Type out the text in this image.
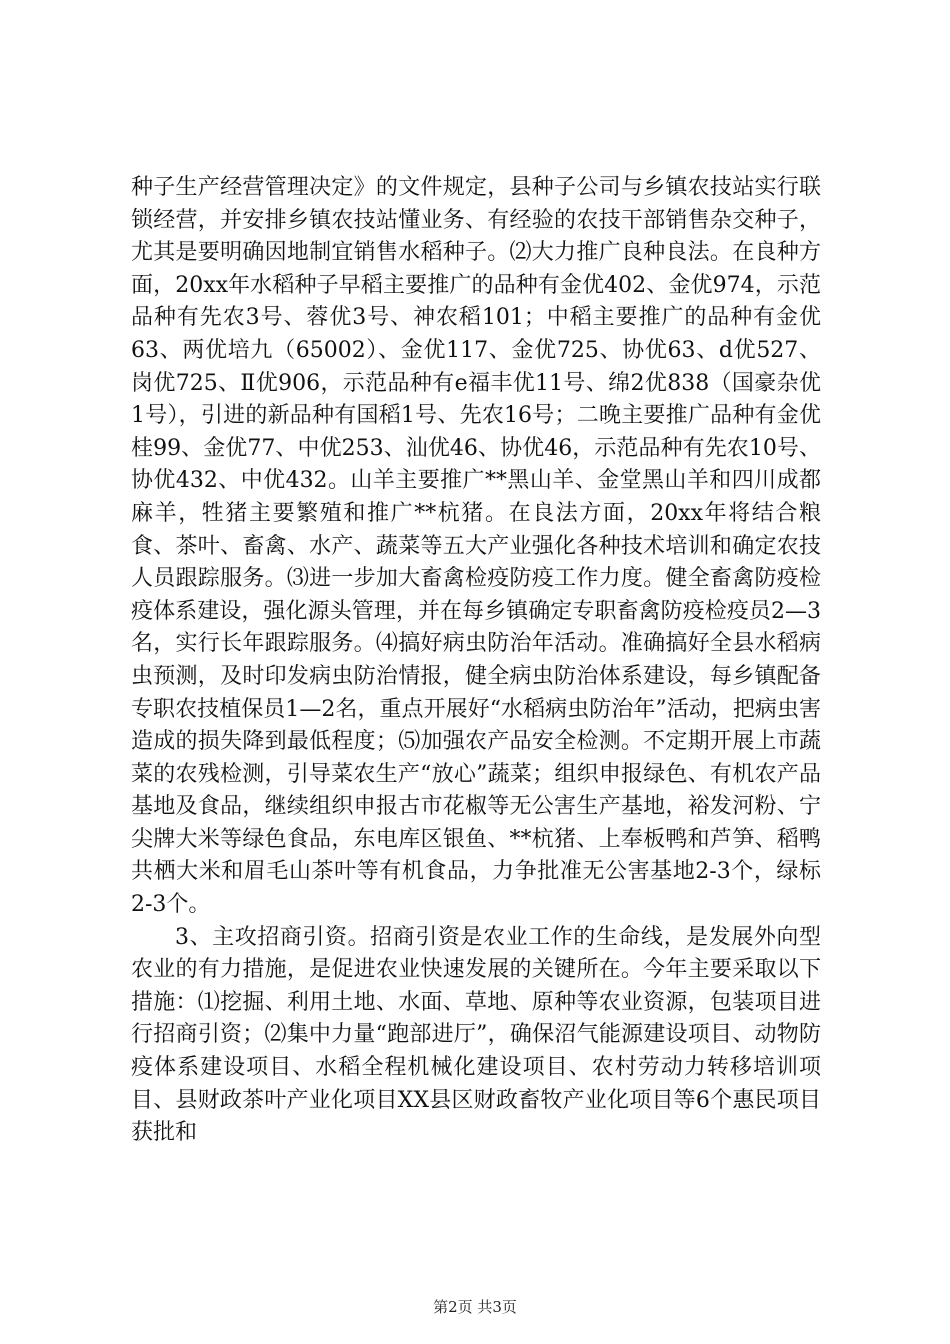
种子生产经营管理决定》的文件规定，县种子公司与乡镇农技站实行联锁经营，并安排乡镇农技站懂业务、有经验的农技干部销售杂交种子，尤其是要明确因地制宜销售水稻种子。⑵大力推广良种良法。在良种方面，20xx年水稻种子早稻主要推广的品种有金优402、金优974，示范品种有先农3号、蓉优3号、神农稻101；中稻主要推广的品种有金优63、两优培九（65002）、金优117、金优725、协优63、d优527、岗优725、Ⅱ优906，示范品种有e福丰优11号、绵2优838（国豪杂优1号），引进的新品种有国稻1号、先农16号；二晚主要推广品种有金优桂99、金优77、中优253、汕优46、协优46，示范品种有先农10号、协优432、中优432。山羊主要推广**黑山羊、金堂黑山羊和四川成都麻羊，牲猪主要繁殖和推广**杭猪。在良法方面，20xx年将结合粮食、茶叶、畜禽、水产、蔬菜等五大产业强化各种技术培训和确定农技人员跟踪服务。⑶进一步加大畜禽检疫防疫工作力度。健全畜禽防疫检疫体系建设，强化源头管理，并在每乡镇确定专职畜禽防疫检疫员2—3名，实行长年跟踪服务。⑷搞好病虫防治年活动。准确搞好全县水稻病虫预测，及时印发病虫防治情报，健全病虫防治体系建设，每乡镇配备专职农技植保员1—2名，重点开展好“水稻病虫防治年”活动，把病虫害造成的损失降到最低程度；⑸加强农产品安全检测。不定期开展上市蔬菜的农残检测，引导菜农生产“放心”蔬菜；组织申报绿色、有机农产品基地及食品，继续组织申报古市花椒等无公害生产基地，裕发河粉、宁尖牌大米等绿色食品，东电库区银鱼、**杭猪、上奉板鸭和芦笋、稻鸭共栖大米和眉毛山茶叶等有机食品，力争批准无公害基地2-3个，绿标2-3个。

3、主攻招商引资。招商引资是农业工作的生命线，是发展外向型农业的有力措施，是促进农业快速发展的关键所在。今年主要采取以下措施：⑴挖掘、利用土地、水面、草地、原种等农业资源，包装项目进行招商引资；⑵集中力量“跑部进厅”，确保沼气能源建设项目、动物防疫体系建设项目、水稻全程机械化建设项目、农村劳动力转移培训项目、县财政茶叶产业化项目XX县区财政畜牧产业化项目等6个惠民项目获批和

第2页 共3页
